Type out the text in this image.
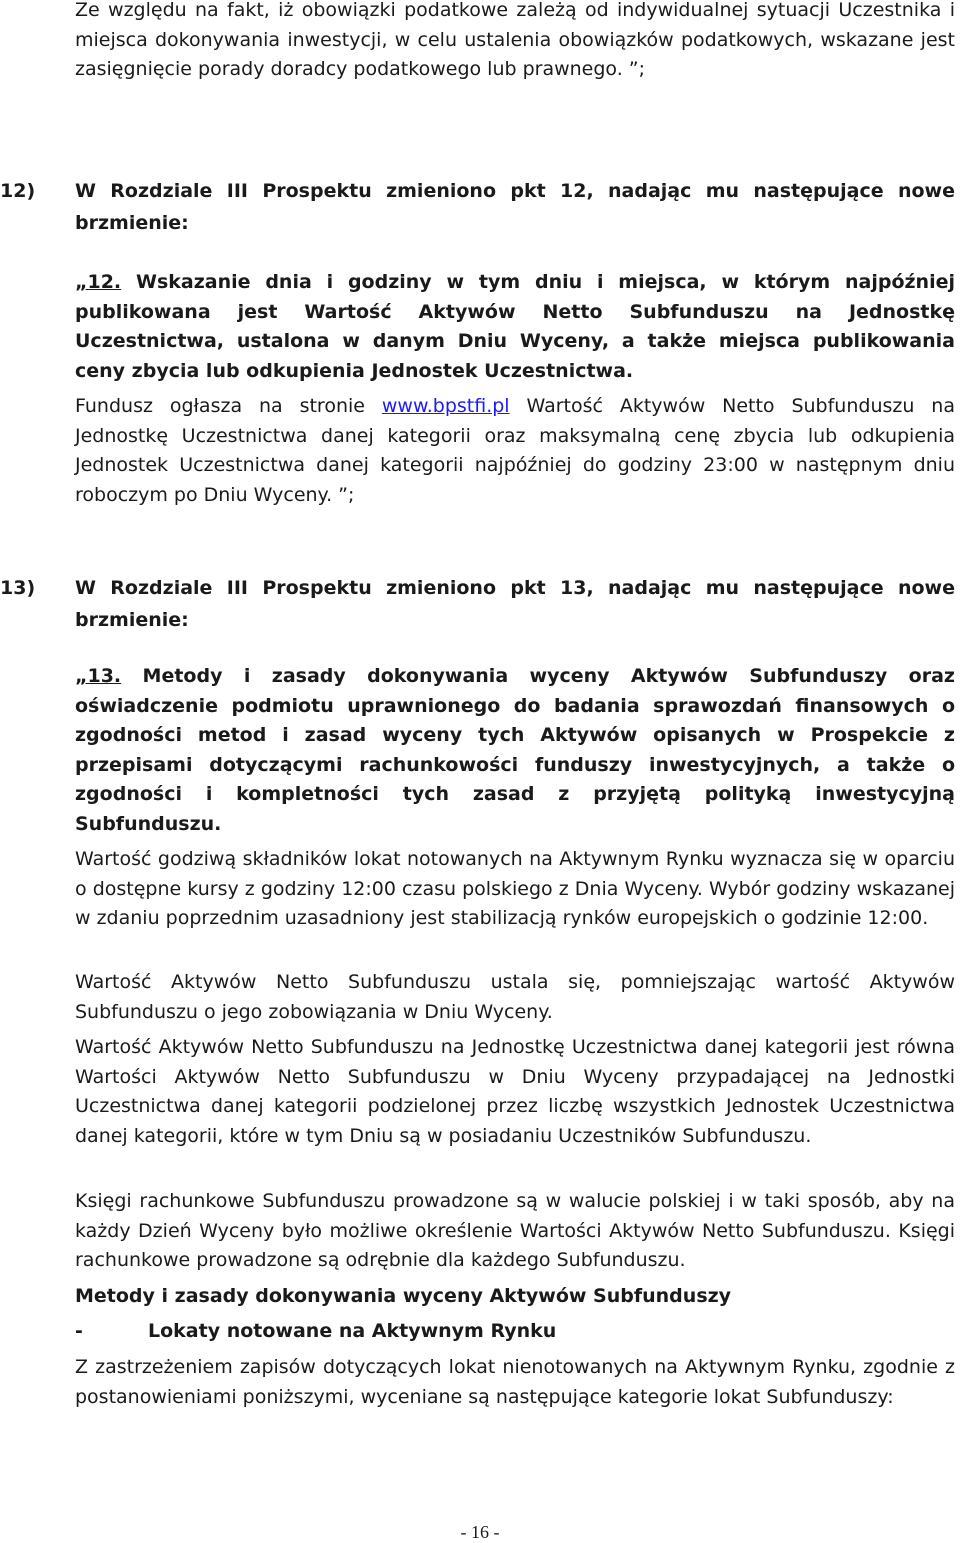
Ze względu na fakt, iż obowiązki podatkowe zależą od indywidualnej sytuacji Uczestnika i miejsca dokonywania inwestycji, w celu ustalenia obowiązków podatkowych, wskazane jest zasięgnięcie porady doradcy podatkowego lub prawnego. ”;
12) W Rozdziale III Prospektu zmieniono pkt 12, nadając mu następujące nowe brzmienie:
„12. Wskazanie dnia i godziny w tym dniu i miejsca, w którym najpóźniej publikowana jest Wartość Aktywów Netto Subfunduszu na Jednostkę Uczestnictwa, ustalona w danym Dniu Wyceny, a także miejsca publikowania ceny zbycia lub odkupienia Jednostek Uczestnictwa.
Fundusz ogłasza na stronie www.bpstfi.pl Wartość Aktywów Netto Subfunduszu na Jednostkę Uczestnictwa danej kategorii oraz maksymalną cenę zbycia lub odkupienia Jednostek Uczestnictwa danej kategorii najpóźniej do godziny 23:00 w następnym dniu roboczym po Dniu Wyceny. ”;
13) W Rozdziale III Prospektu zmieniono pkt 13, nadając mu następujące nowe brzmienie:
„13. Metody i zasady dokonywania wyceny Aktywów Subfunduszy oraz oświadczenie podmiotu uprawnionego do badania sprawozdań finansowych o zgodności metod i zasad wyceny tych Aktywów opisanych w Prospekcie z przepisami dotyczącymi rachunkowości funduszy inwestycyjnych, a także o zgodności i kompletności tych zasad z przyjętą polityką inwestycyjną Subfunduszu.
Wartość godziwą składników lokat notowanych na Aktywnym Rynku wyznacza się w oparciu o dostępne kursy z godziny 12:00 czasu polskiego z Dnia Wyceny. Wybór godziny wskazanej w zdaniu poprzednim uzasadniony jest stabilizacją rynków europejskich o godzinie 12:00.
Wartość Aktywów Netto Subfunduszu ustala się, pomniejszając wartość Aktywów Subfunduszu o jego zobowiązania w Dniu Wyceny.
Wartość Aktywów Netto Subfunduszu na Jednostkę Uczestnictwa danej kategorii jest równa Wartości Aktywów Netto Subfunduszu w Dniu Wyceny przypadającej na Jednostki Uczestnictwa danej kategorii podzielonej przez liczbę wszystkich Jednostek Uczestnictwa danej kategorii, które w tym Dniu są w posiadaniu Uczestników Subfunduszu.
Księgi rachunkowe Subfunduszu prowadzone są w walucie polskiej i w taki sposób, aby na każdy Dzień Wyceny było możliwe określenie Wartości Aktywów Netto Subfunduszu. Księgi rachunkowe prowadzone są odrębnie dla każdego Subfunduszu.
Metody i zasady dokonywania wyceny Aktywów Subfunduszy
-	Lokaty notowane na Aktywnym Rynku
Z zastrzeżeniem zapisów dotyczących lokat nienotowanych na Aktywnym Rynku, zgodnie z postanowieniami poniższymi, wyceniane są następujące kategorie lokat Subfunduszy:
- 16 -
